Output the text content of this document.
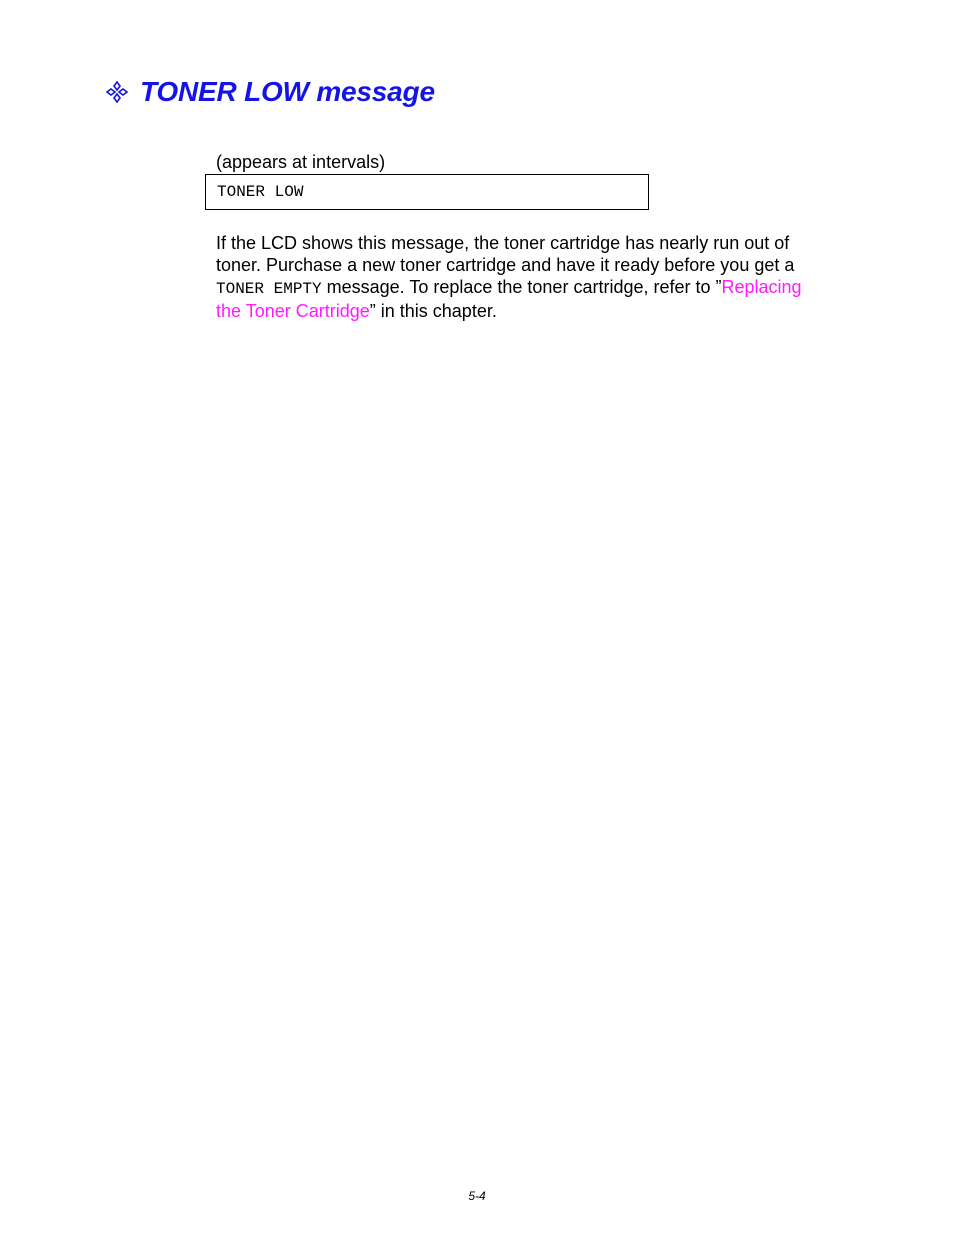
TONER LOW message
(appears at intervals)
TONER LOW
If the LCD shows this message, the toner cartridge has nearly run out of
toner. Purchase a new toner cartridge and have it ready before you get a
TONER EMPTY message. To replace the toner cartridge, refer to ”Replacing
the Toner Cartridge” in this chapter.
5-4
